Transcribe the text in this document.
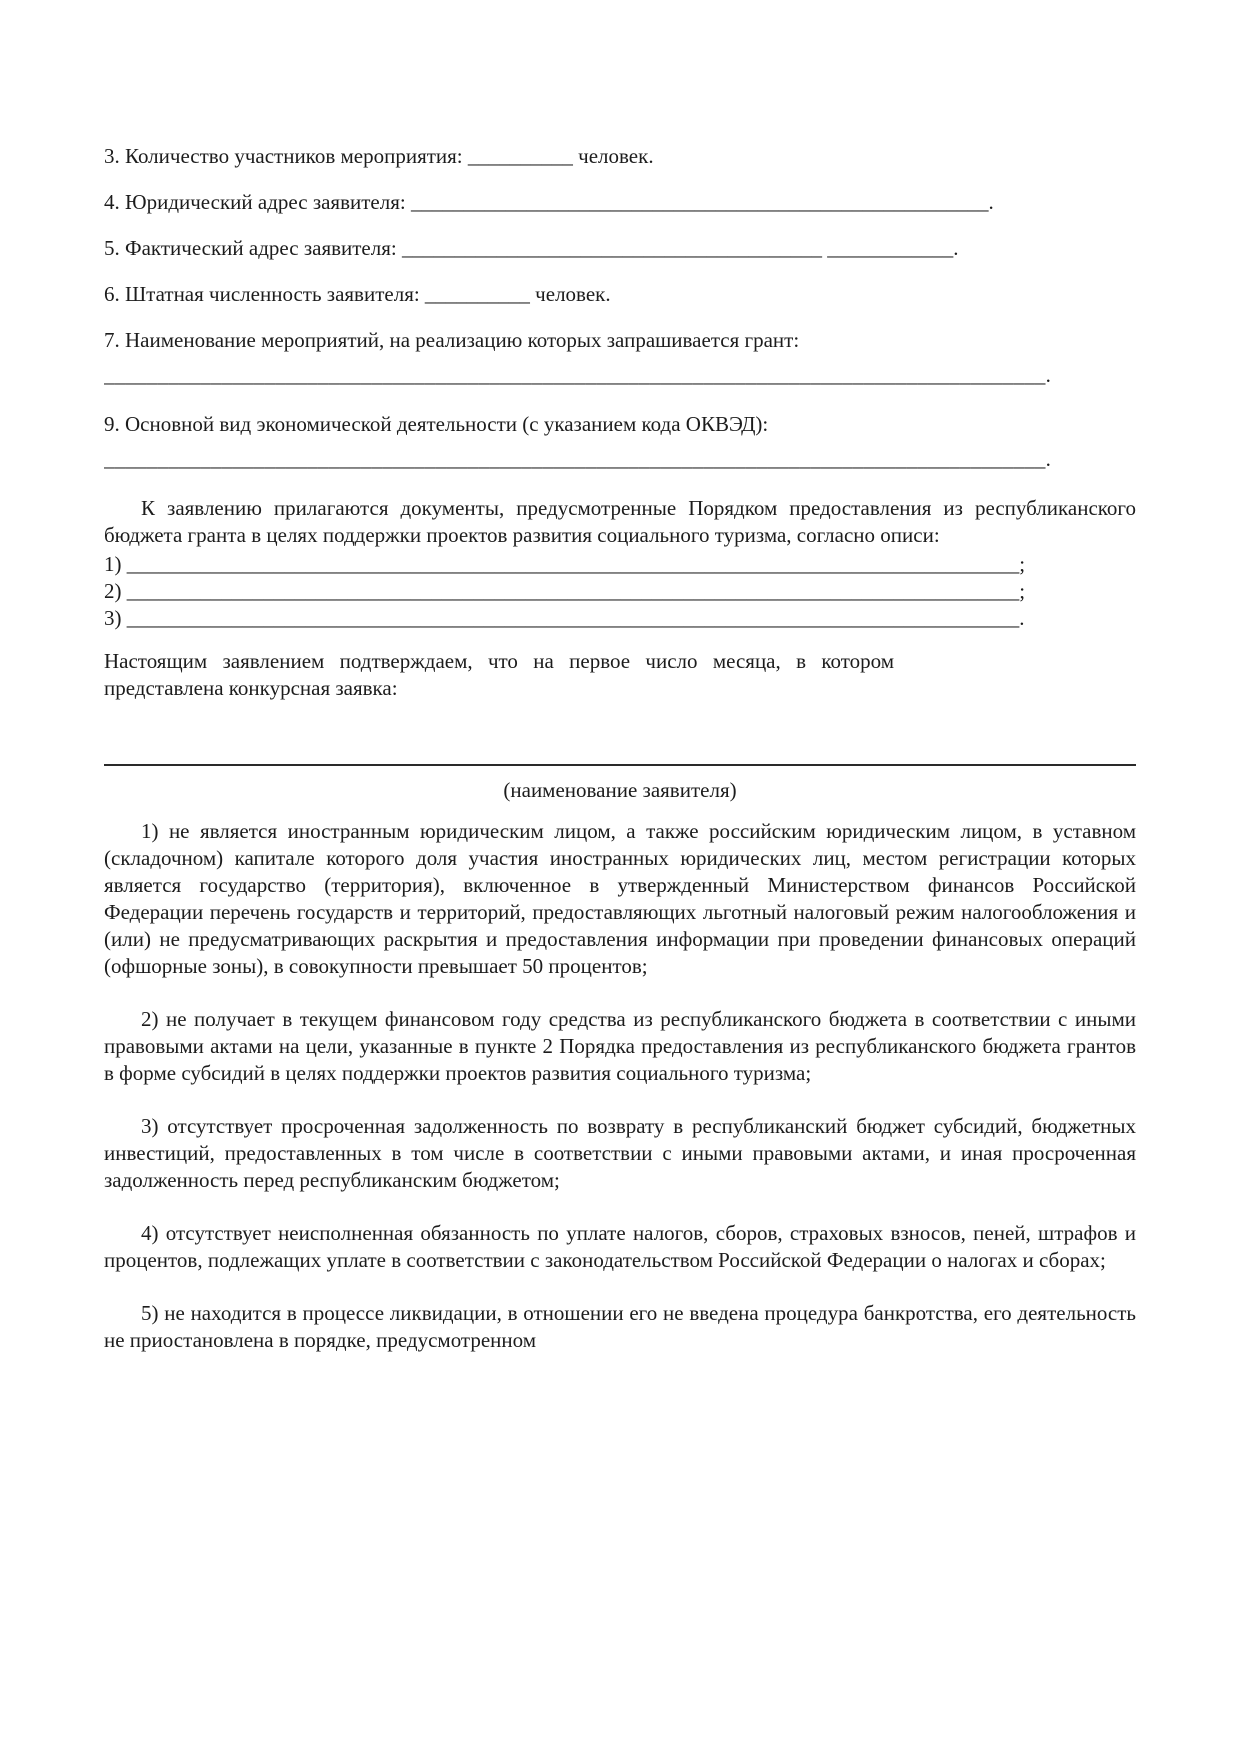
3. Количество участников мероприятия: __________ человек.

4. Юридический адрес заявителя: _______________________________________________________.

5. Фактический адрес заявителя: ________________________________________ ____________.

6. Штатная численность заявителя: __________ человек.

7. Наименование мероприятий, на реализацию которых запрашивается грант:

________________________________________________________________________________________.

9. Основной вид экономической деятельности (с указанием кода ОКВЭД):

________________________________________________________________________________________.

К заявлению прилагаются документы, предусмотренные Порядком предоставления из республиканского бюджета гранта в целях поддержки проектов развития социального туризма, согласно описи:

1) _____________________________________________________________________________________;

2) _____________________________________________________________________________________;

3) _____________________________________________________________________________________.

Настоящим заявлением подтверждаем, что на первое число месяца, в котором представлена конкурсная заявка:

(наименование заявителя)

1) не является иностранным юридическим лицом, а также российским юридическим лицом, в уставном (складочном) капитале которого доля участия иностранных юридических лиц, местом регистрации которых является государство (территория), включенное в утвержденный Министерством финансов Российской Федерации перечень государств и территорий, предоставляющих льготный налоговый режим налогообложения и (или) не предусматривающих раскрытия и предоставления информации при проведении финансовых операций (офшорные зоны), в совокупности превышает 50 процентов;

2) не получает в текущем финансовом году средства из республиканского бюджета в соответствии с иными правовыми актами на цели, указанные в пункте 2 Порядка предоставления из республиканского бюджета грантов в форме субсидий в целях поддержки проектов развития социального туризма;

3) отсутствует просроченная задолженность по возврату в республиканский бюджет субсидий, бюджетных инвестиций, предоставленных в том числе в соответствии с иными правовыми актами, и иная просроченная задолженность перед республиканским бюджетом;

4) отсутствует неисполненная обязанность по уплате налогов, сборов, страховых взносов, пеней, штрафов и процентов, подлежащих уплате в соответствии с законодательством Российской Федерации о налогах и сборах;

5) не находится в процессе ликвидации, в отношении его не введена процедура банкротства, его деятельность не приостановлена в порядке, предусмотренном
